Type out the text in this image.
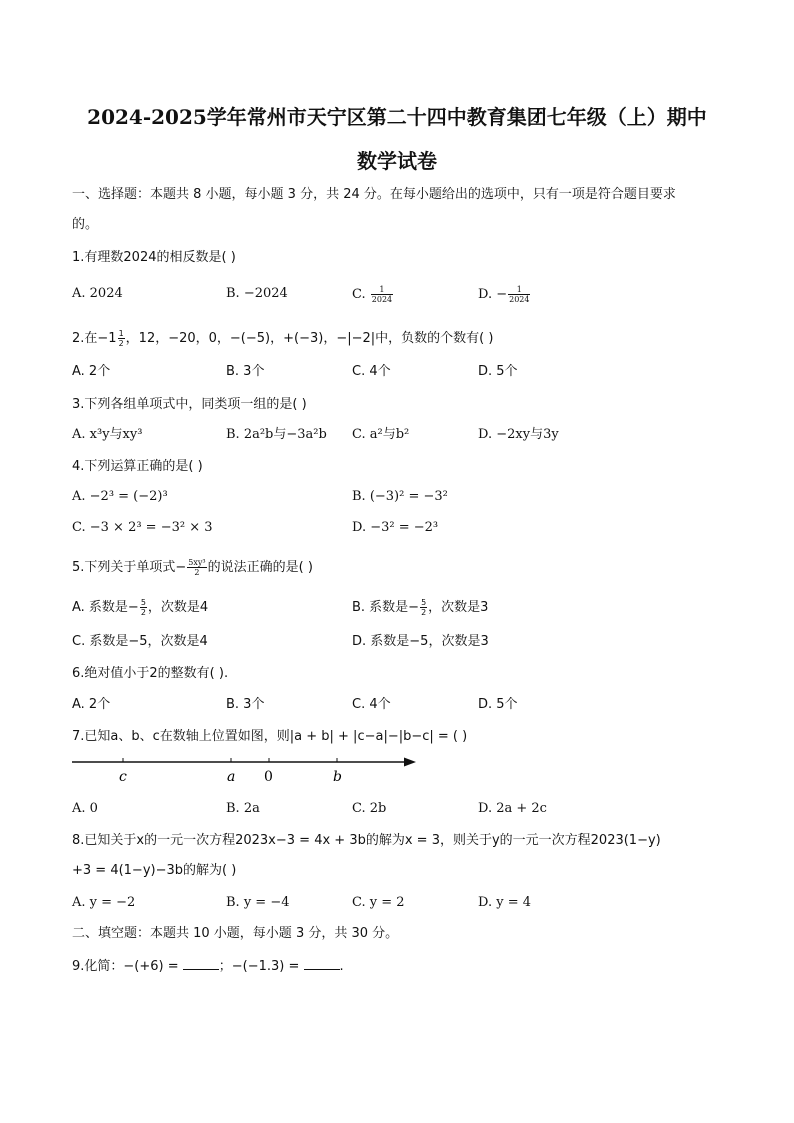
2024-2025学年常州市天宁区第二十四中教育集团七年级（上）期中
数学试卷
一、选择题：本题共 8 小题，每小题 3 分，共 24 分。在每小题给出的选项中，只有一项是符合题目要求
的。
1.有理数2024的相反数是( )
A. 2024	B. −2024	C. $\frac{1}{2024}$	D. − $\frac{1}{2024}$
2.在$-1 \frac{1}{2}$ ，12，−20，0，−(−5)，+(−3)，−|−2|中，负数的个数有( )
A. 2个	B. 3个	C. 4个	D. 5个
3.下列各组单项式中，同类项一组的是( )
A. x³y与xy³	B. 2a²b与−3a²b C. a²与b²	D. −2xy与3y
4.下列运算正确的是( )
A. −2³ = (−2)³	B. (−3)² = −3²
C. −3 × 2³ = −3² × 3	D. −3² = −2³
5.下列关于单项式− $\frac{\text{5xy³}}{2}$ 的说法正确的是( )
A. 系数是− $\frac{5}{2}$ ，次数是4	B. 系数是− $\frac{5}{2}$ ，次数是3
C. 系数是−5，次数是4	D. 系数是−5，次数是3
6.绝对值小于2的整数有( ).
A. 2个	B. 3个	C. 4个	D. 5个
7.已知a、b、c在数轴上位置如图，则|a + b| + |c−a|−|b−c| = ( )
c	a 0	b
A. 0	B. 2a	C. 2b	D. 2a + 2c
8.已知关于x的一元一次方程2023x−3 = 4x + 3b的解为x = 3，则关于y的一元一次方程2023(1−y)
+3 = 4(1−y)−3b的解为( )
A. y = −2	B. y = −4	C. y = 2	D. y = 4
二、填空题：本题共 10 小题，每小题 3 分，共 30 分。
9.化简：−(+6) =	；−(−1.3) =	.
